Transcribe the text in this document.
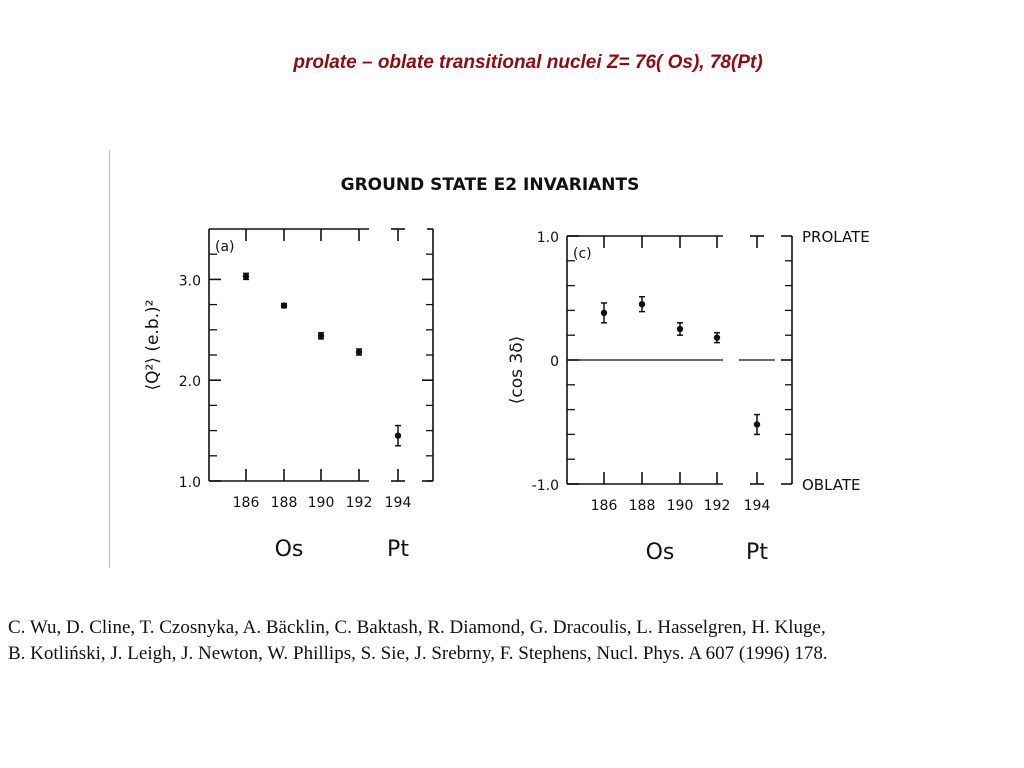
prolate – oblate transitional nuclei Z= 76( Os), 78(Pt)
GROUND STATE E2 INVARIANTS
1.0
2.0
3.0
186 188 190 192 194
(a)
⟨Q²⟩ (e.b.)²
Os	Pt
1.0
0
-1.0
186 188 190 192 194
(c)
⟨cos 3δ⟩
Os	Pt
PROLATE
OBLATE
C. Wu, D. Cline, T. Czosnyka, A. Bäcklin, C. Baktash, R. Diamond, G. Dracoulis, L. Hasselgren, H. Kluge,
B. Kotliński, J. Leigh, J. Newton, W. Phillips, S. Sie, J. Srebrny, F. Stephens, Nucl. Phys. A 607 (1996) 178.
